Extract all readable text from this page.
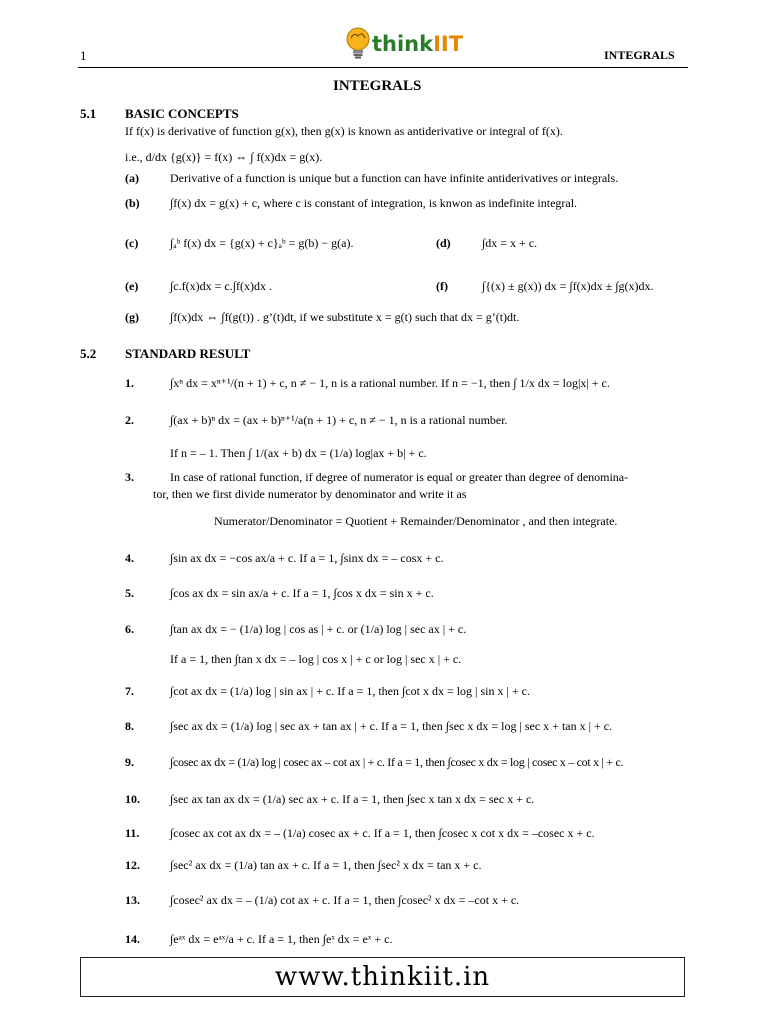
1	thinkIIT	INTEGRALS
INTEGRALS
5.1 BASIC CONCEPTS
If f(x) is derivative of function g(x), then g(x) is known as antiderivative or integral of f(x).
i.e., d/dx {g(x)} = f(x) ⇔ ∫ f(x)dx = g(x).
(a)	Derivative of a function is unique but a function can have infinite antiderivatives or integrals.
(b)	∫f(x) dx = g(x) + c, where c is constant of integration, is knwon as indefinite integral.
(c)	∫ₐᵇ f(x) dx = {g(x) + c}ₐᵇ = g(b) − g(a).	(d)	∫dx = x + c.
(e)	∫c.f(x)dx = c.∫f(x)dx .	(f)	∫{(x) ± g(x)) dx = ∫f(x)dx ± ∫g(x)dx.
(g)	∫f(x)dx ⇔ ∫f(g(t)) . g’(t)dt, if we substitute x = g(t) such that dx = g’(t)dt.
5.2 STANDARD RESULT
1.	∫xⁿ dx = xⁿ⁺¹/(n + 1) + c, n ≠ − 1, n is a rational number. If n = −1, then ∫ 1/x dx = log|x| + c.
2.	∫(ax + b)ⁿ dx = (ax + b)ⁿ⁺¹/a(n + 1) + c, n ≠ − 1, n is a rational number.
If n = – 1. Then ∫ 1/(ax + b) dx = (1/a) log|ax + b| + c.
3.	In case of rational function, if degree of numerator is equal or greater than degree of denomina-
tor, then we first divide numerator by denominator and write it as
Numerator/Denominator = Quotient + Remainder/Denominator , and then integrate.
4.	∫sin ax dx = −cos ax/a + c. If a = 1, ∫sinx dx = – cosx + c.
5.	∫cos ax dx = sin ax/a + c. If a = 1, ∫cos x dx = sin x + c.
6.	∫tan ax dx = − (1/a) log | cos as | + c. or (1/a) log | sec ax | + c.
If a = 1, then ∫tan x dx = – log | cos x | + c or log | sec x | + c.
7.	∫cot ax dx = (1/a) log | sin ax | + c. If a = 1, then ∫cot x dx = log | sin x | + c.
8.	∫sec ax dx = (1/a) log | sec ax + tan ax | + c. If a = 1, then ∫sec x dx = log | sec x + tan x | + c.
9.	∫cosec ax dx = (1/a) log | cosec ax – cot ax | + c. If a = 1, then ∫cosec x dx = log | cosec x – cot x | + c.
10.	∫sec ax tan ax dx = (1/a) sec ax + c. If a = 1, then ∫sec x tan x dx = sec x + c.
11.	∫cosec ax cot ax dx = – (1/a) cosec ax + c. If a = 1, then ∫cosec x cot x dx = –cosec x + c.
12.	∫sec² ax dx = (1/a) tan ax + c. If a = 1, then ∫sec² x dx = tan x + c.
13.	∫cosec² ax dx = – (1/a) cot ax + c. If a = 1, then ∫cosec² x dx = –cot x + c.
14.	∫eᵃˣ dx = eᵃˣ/a + c. If a = 1, then ∫eˣ dx = eˣ + c.
www.thinkiit.in
